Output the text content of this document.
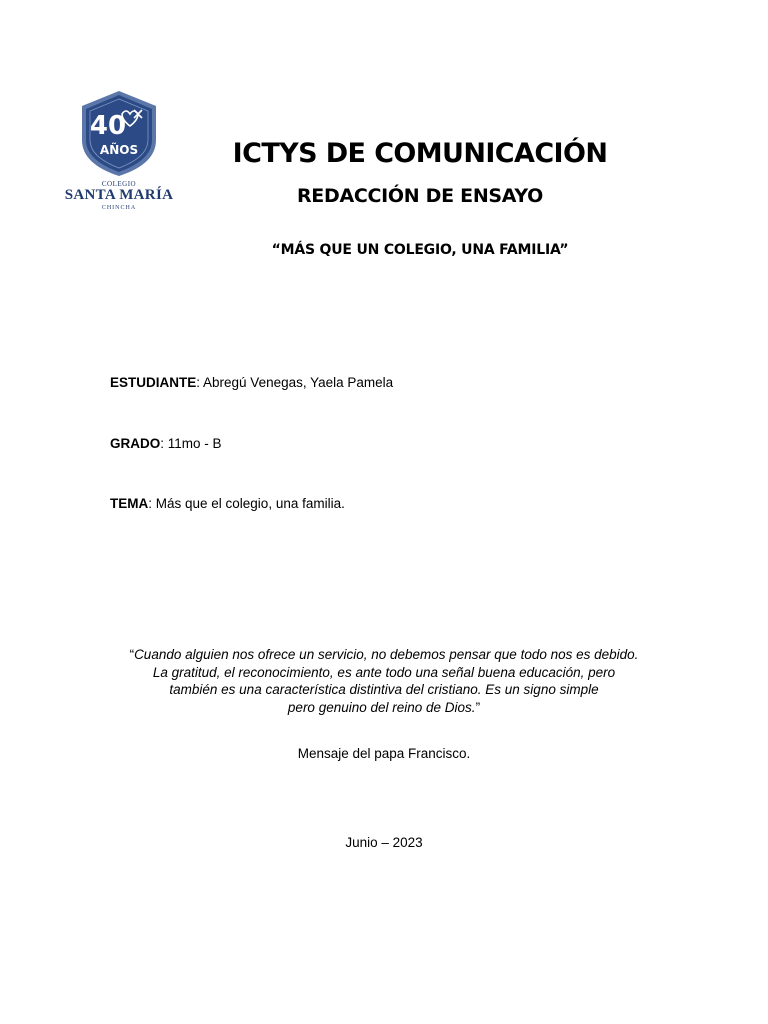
40
AÑOS
COLEGIO
SANTA MARÍA
CHINCHA
ICTYS DE COMUNICACIÓN
REDACCIÓN DE ENSAYO
“MÁS QUE UN COLEGIO, UNA FAMILIA”
ESTUDIANTE: Abregú Venegas, Yaela Pamela
GRADO: 11mo - B
TEMA: Más que el colegio, una familia.
“Cuando alguien nos ofrece un servicio, no debemos pensar que todo nos es debido.
La gratitud, el reconocimiento, es ante todo una señal buena educación, pero
también es una característica distintiva del cristiano. Es un signo simple
pero genuino del reino de Dios.”
Mensaje del papa Francisco.
Junio – 2023
